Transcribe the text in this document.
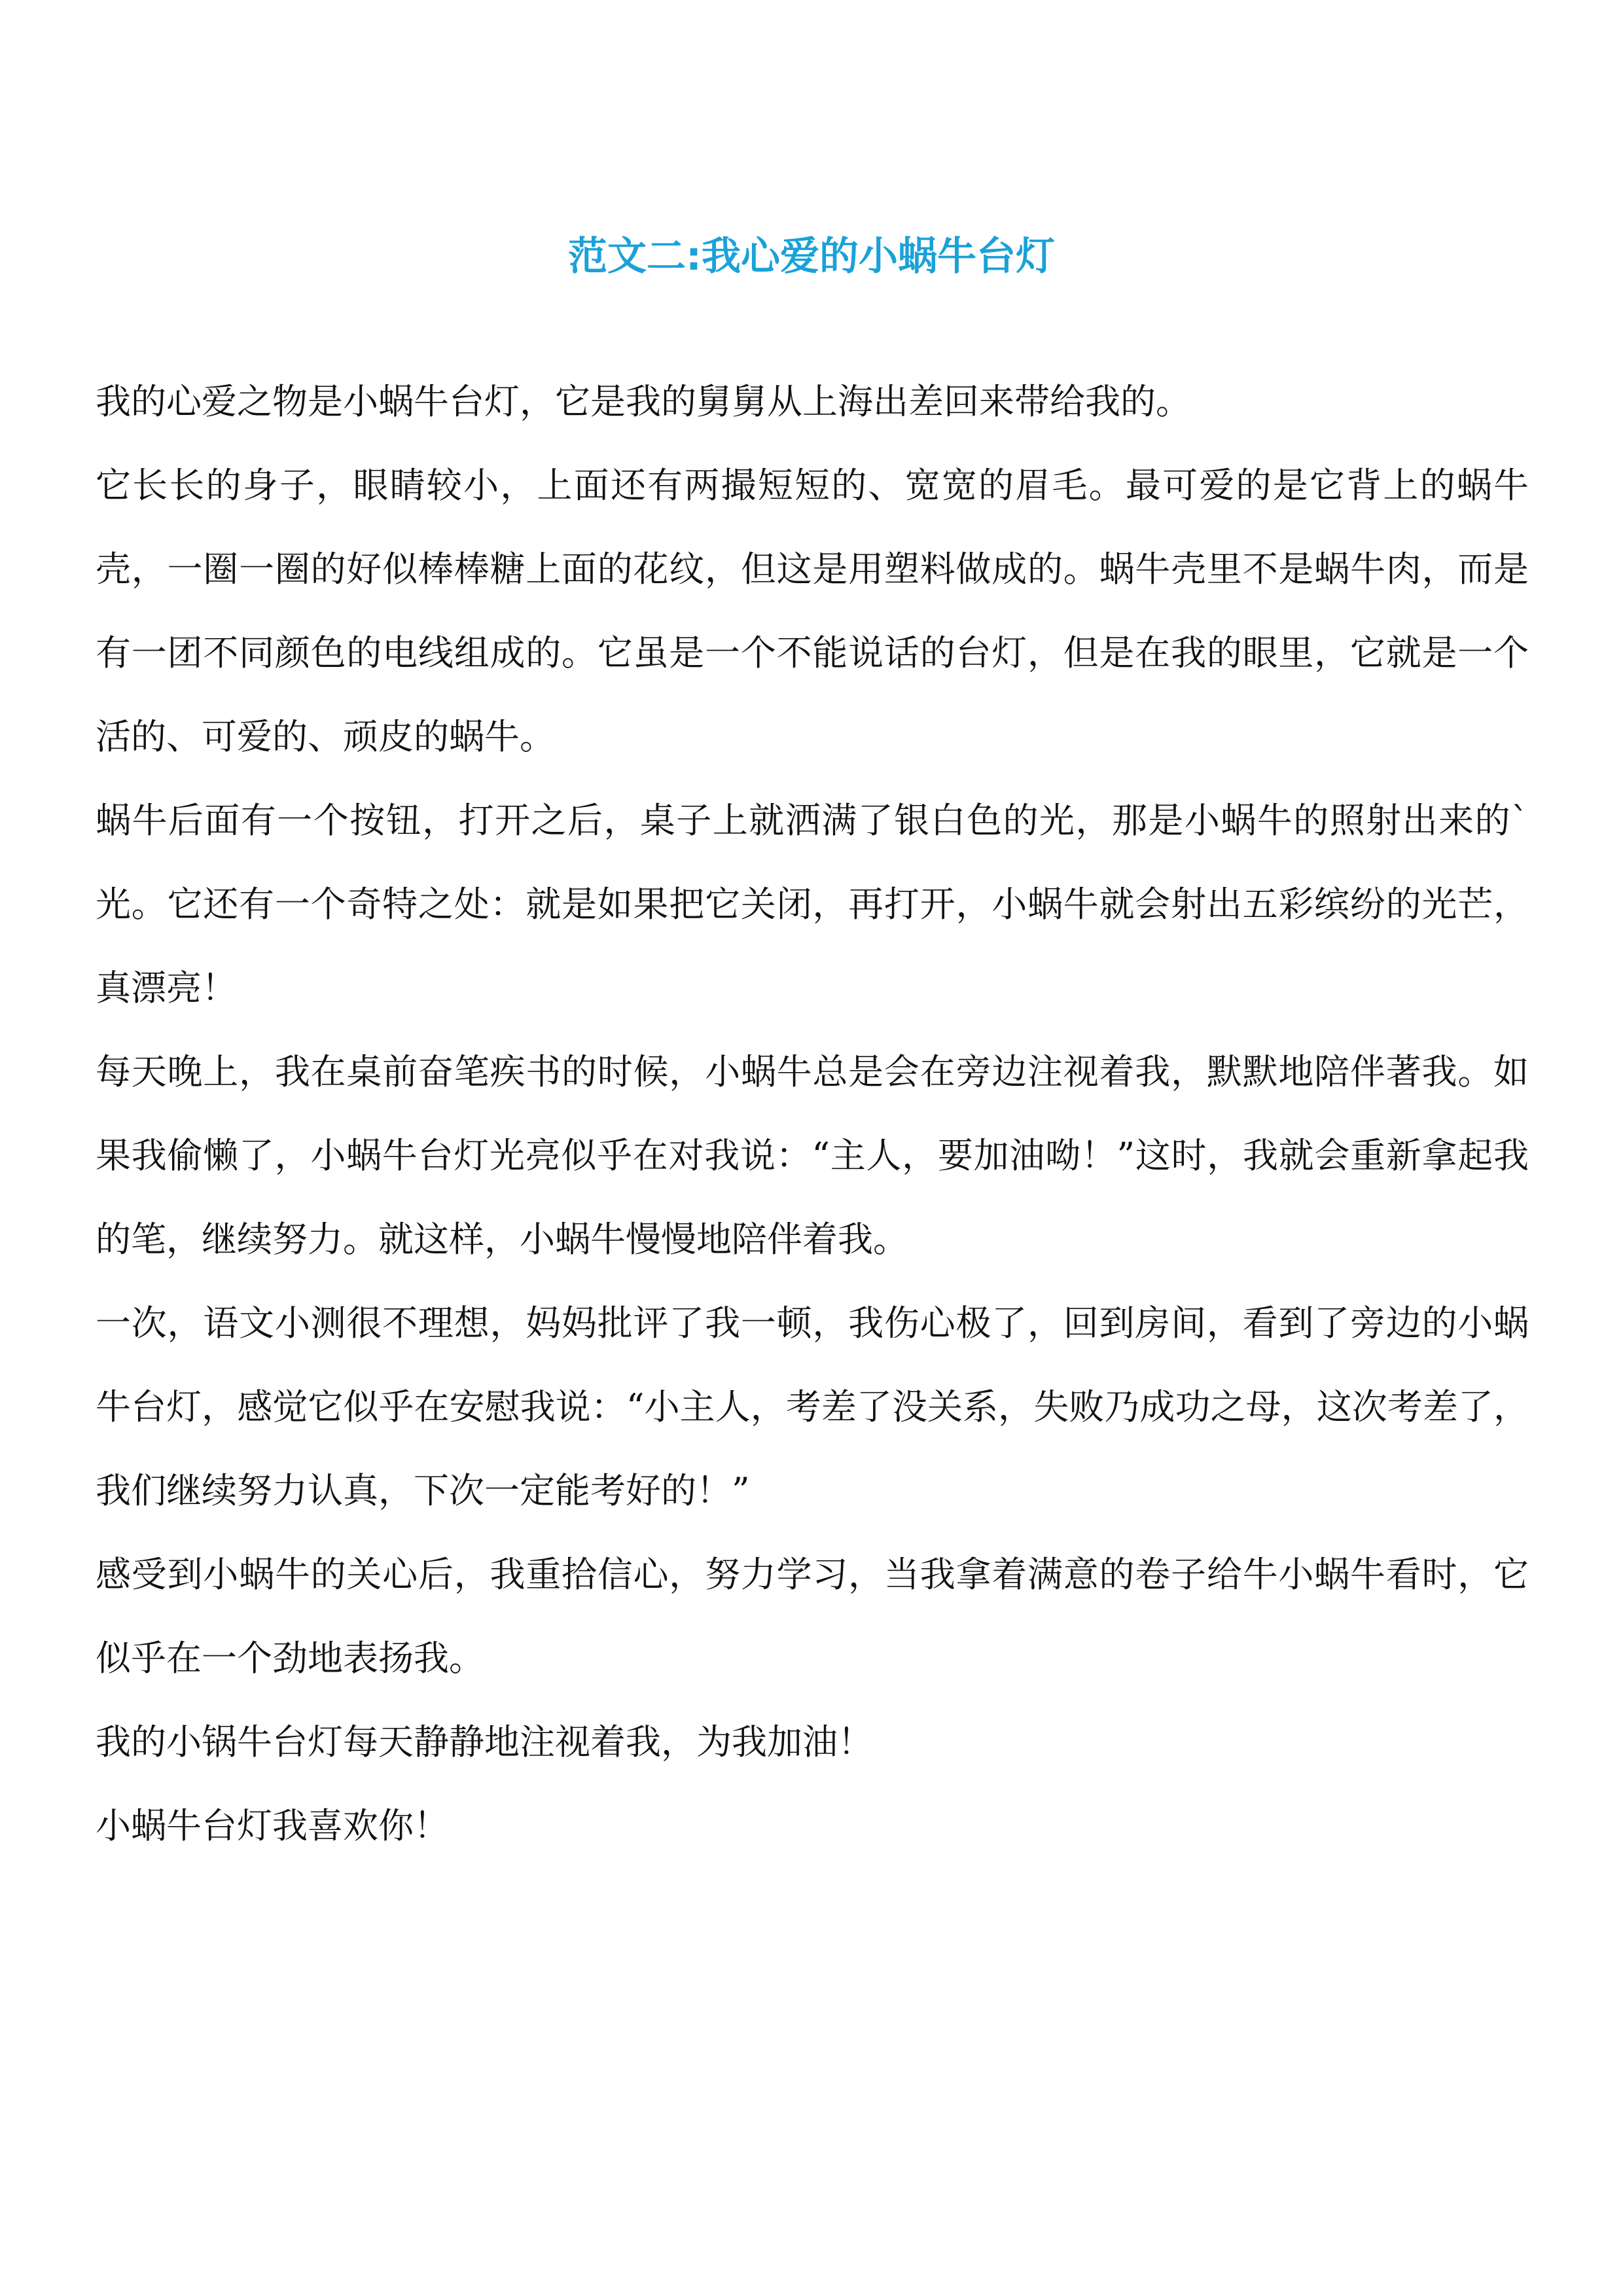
范文二:我心爱的小蜗牛台灯

我的心爱之物是小蜗牛台灯，它是我的舅舅从上海出差回来带给我的。

它长长的身子，眼睛较小，上面还有两撮短短的、宽宽的眉毛。最可爱的是它背上的蜗牛壳，一圈一圈的好似棒棒糖上面的花纹，但这是用塑料做成的。蜗牛壳里不是蜗牛肉，而是有一团不同颜色的电线组成的。它虽是一个不能说话的台灯，但是在我的眼里，它就是一个活的、可爱的、顽皮的蜗牛。

蜗牛后面有一个按钮，打开之后，桌子上就洒满了银白色的光，那是小蜗牛的照射出来的`光。它还有一个奇特之处：就是如果把它关闭，再打开，小蜗牛就会射出五彩缤纷的光芒，真漂亮！

每天晚上，我在桌前奋笔疾书的时候，小蜗牛总是会在旁边注视着我，默默地陪伴著我。如果我偷懒了，小蜗牛台灯光亮似乎在对我说：“主人，要加油呦！”这时，我就会重新拿起我的笔，继续努力。就这样，小蜗牛慢慢地陪伴着我。

一次，语文小测很不理想，妈妈批评了我一顿，我伤心极了，回到房间，看到了旁边的小蜗牛台灯，感觉它似乎在安慰我说：“小主人，考差了没关系，失败乃成功之母，这次考差了，我们继续努力认真，下次一定能考好的！”

感受到小蜗牛的关心后，我重拾信心，努力学习，当我拿着满意的卷子给牛小蜗牛看时，它似乎在一个劲地表扬我。

我的小锅牛台灯每天静静地注视着我，为我加油！

小蜗牛台灯我喜欢你！
